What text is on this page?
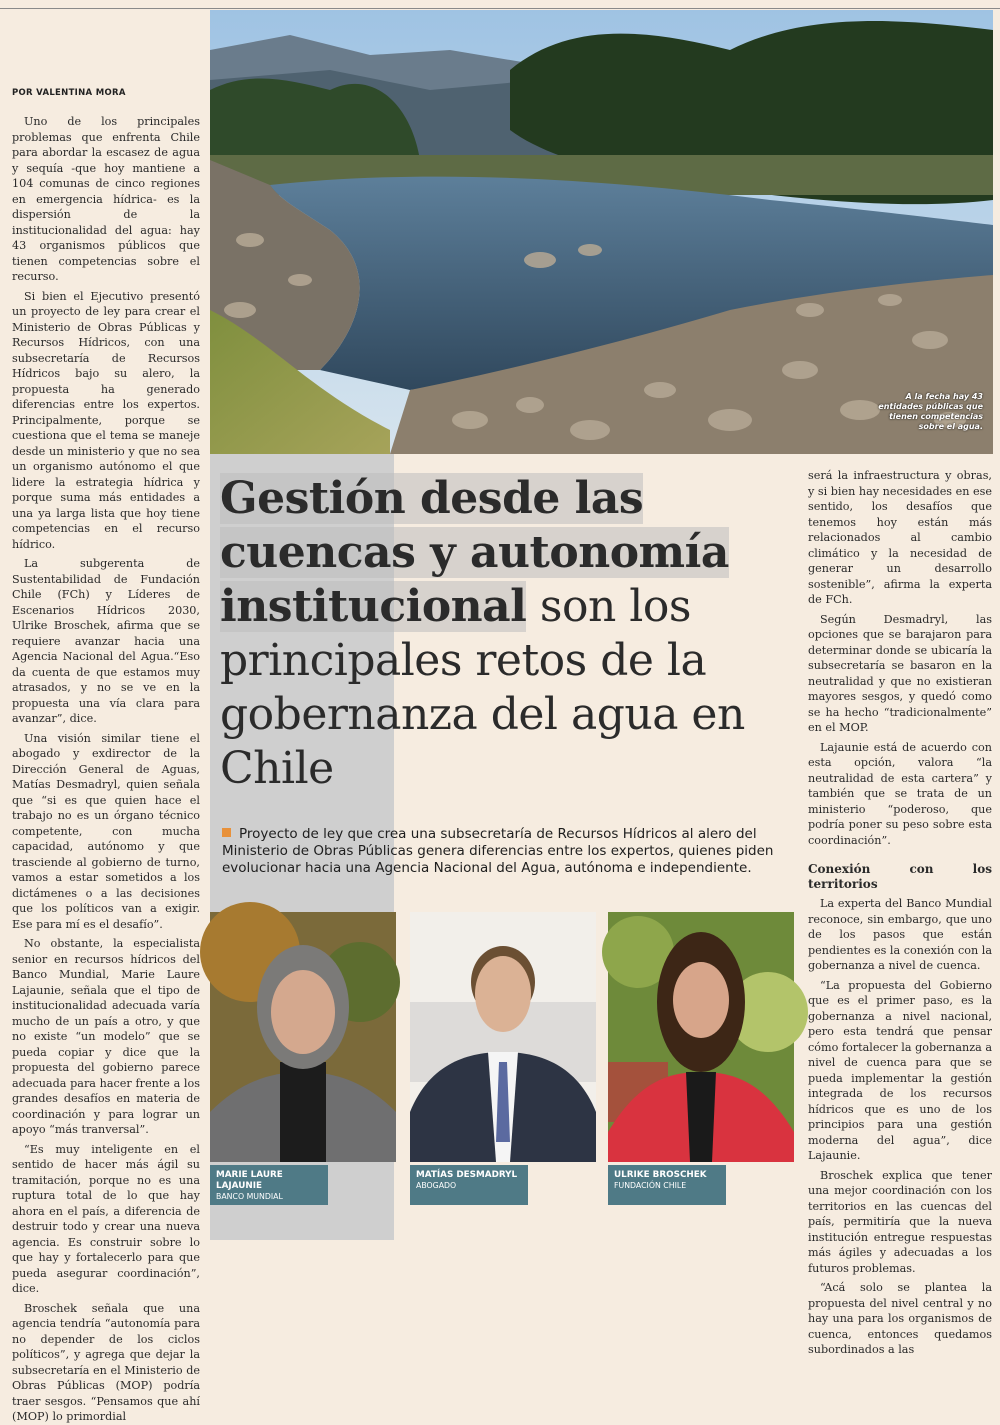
POR VALENTINA MORA

Uno de los principales problemas que enfrenta Chile para abordar la escasez de agua y sequía -que hoy mantiene a 104 comunas de cinco regiones en emergencia hídrica- es la dispersión de la institucionalidad del agua: hay 43 organismos públicos que tienen competencias sobre el recurso.

Si bien el Ejecutivo presentó un proyecto de ley para crear el Ministerio de Obras Públicas y Recursos Hídricos, con una subsecretaría de Recursos Hídricos bajo su alero, la propuesta ha generado diferencias entre los expertos. Principalmente, porque se cuestiona que el tema se maneje desde un ministerio y que no sea un organismo autónomo el que lidere la estrategia hídrica y porque suma más entidades a una ya larga lista que hoy tiene competencias en el recurso hídrico.

La subgerenta de Sustentabilidad de Fundación Chile (FCh) y Líderes de Escenarios Hídricos 2030, Ulrike Broschek, afirma que se requiere avanzar hacia una Agencia Nacional del Agua.“Eso da cuenta de que estamos muy atrasados, y no se ve en la propuesta una vía clara para avanzar”, dice.

Una visión similar tiene el abogado y exdirector de la Dirección General de Aguas, Matías Desmadryl, quien señala que “si es que quien hace el trabajo no es un órgano técnico competente, con mucha capacidad, autónomo y que trasciende al gobierno de turno, vamos a estar sometidos a los dictámenes o a las decisiones que los políticos van a exigir. Ese para mí es el desafío”.

No obstante, la especialista senior en recursos hídricos del Banco Mundial, Marie Laure Lajaunie, señala que el tipo de institucionalidad adecuada varía mucho de un país a otro, y que no existe “un modelo” que se pueda copiar y dice que la propuesta del gobierno parece adecuada para hacer frente a los grandes desafíos en materia de coordinación y para lograr un apoyo “más tranversal”.

“Es muy inteligente en el sentido de hacer más ágil su tramitación, porque no es una ruptura total de lo que hay ahora en el país, a diferencia de destruir todo y crear una nueva agencia. Es construir sobre lo que hay y fortalecerlo para que pueda asegurar coordinación”, dice.

Broschek señala que una agencia tendría “autonomía para no depender de los ciclos políticos”, y agrega que dejar la subsecretaría en el Ministerio de Obras Públicas (MOP) podría traer sesgos. “Pensamos que ahí (MOP) lo primordial

A la fecha hay 43 entidades públicas que tienen competencias sobre el agua.
Gestión desde las cuencas y autonomía institucional son los principales retos de la gobernanza del agua en Chile
Proyecto de ley que crea una subsecretaría de Recursos Hídricos al alero del Ministerio de Obras Públicas genera diferencias entre los expertos, quienes piden evolucionar hacia una Agencia Nacional del Agua, autónoma e independiente.

será la infraestructura y obras, y si bien hay necesidades en ese sentido, los desafíos que tenemos hoy están más relacionados al cambio climático y la necesidad de generar un desarrollo sostenible”, afirma la experta de FCh.

Según Desmadryl, las opciones que se barajaron para determinar donde se ubicaría la subsecretaría se basaron en la neutralidad y que no existieran mayores sesgos, y quedó como se ha hecho “tradicionalmente” en el MOP.

Lajaunie está de acuerdo con esta opción, valora “la neutralidad de esta cartera” y también que se trata de un ministerio “poderoso, que podría poner su peso sobre esta coordinación”.

Conexión con los territorios

La experta del Banco Mundial reconoce, sin embargo, que uno de los pasos que están pendientes es la conexión con la gobernanza a nivel de cuenca.

“La propuesta del Gobierno que es el primer paso, es la gobernanza a nivel nacional, pero esta tendrá que pensar cómo fortalecer la gobernanza a nivel de cuenca para que se pueda implementar la gestión integrada de los recursos hídricos que es uno de los principios para una gestión moderna del agua”, dice Lajaunie.

Broschek explica que tener una mejor coordinación con los territorios en las cuencas del país, permitiría que la nueva institución entregue respuestas más ágiles y adecuadas a los futuros problemas.

“Acá solo se plantea la propuesta del nivel central y no hay una para los organismos de cuenca, entonces quedamos subordinados a las

MARIE LAURE LAJAUNIE
BANCO MUNDIAL
MATÍAS DESMADRYL
ABOGADO
ULRIKE BROSCHEK
FUNDACIÓN CHILE
